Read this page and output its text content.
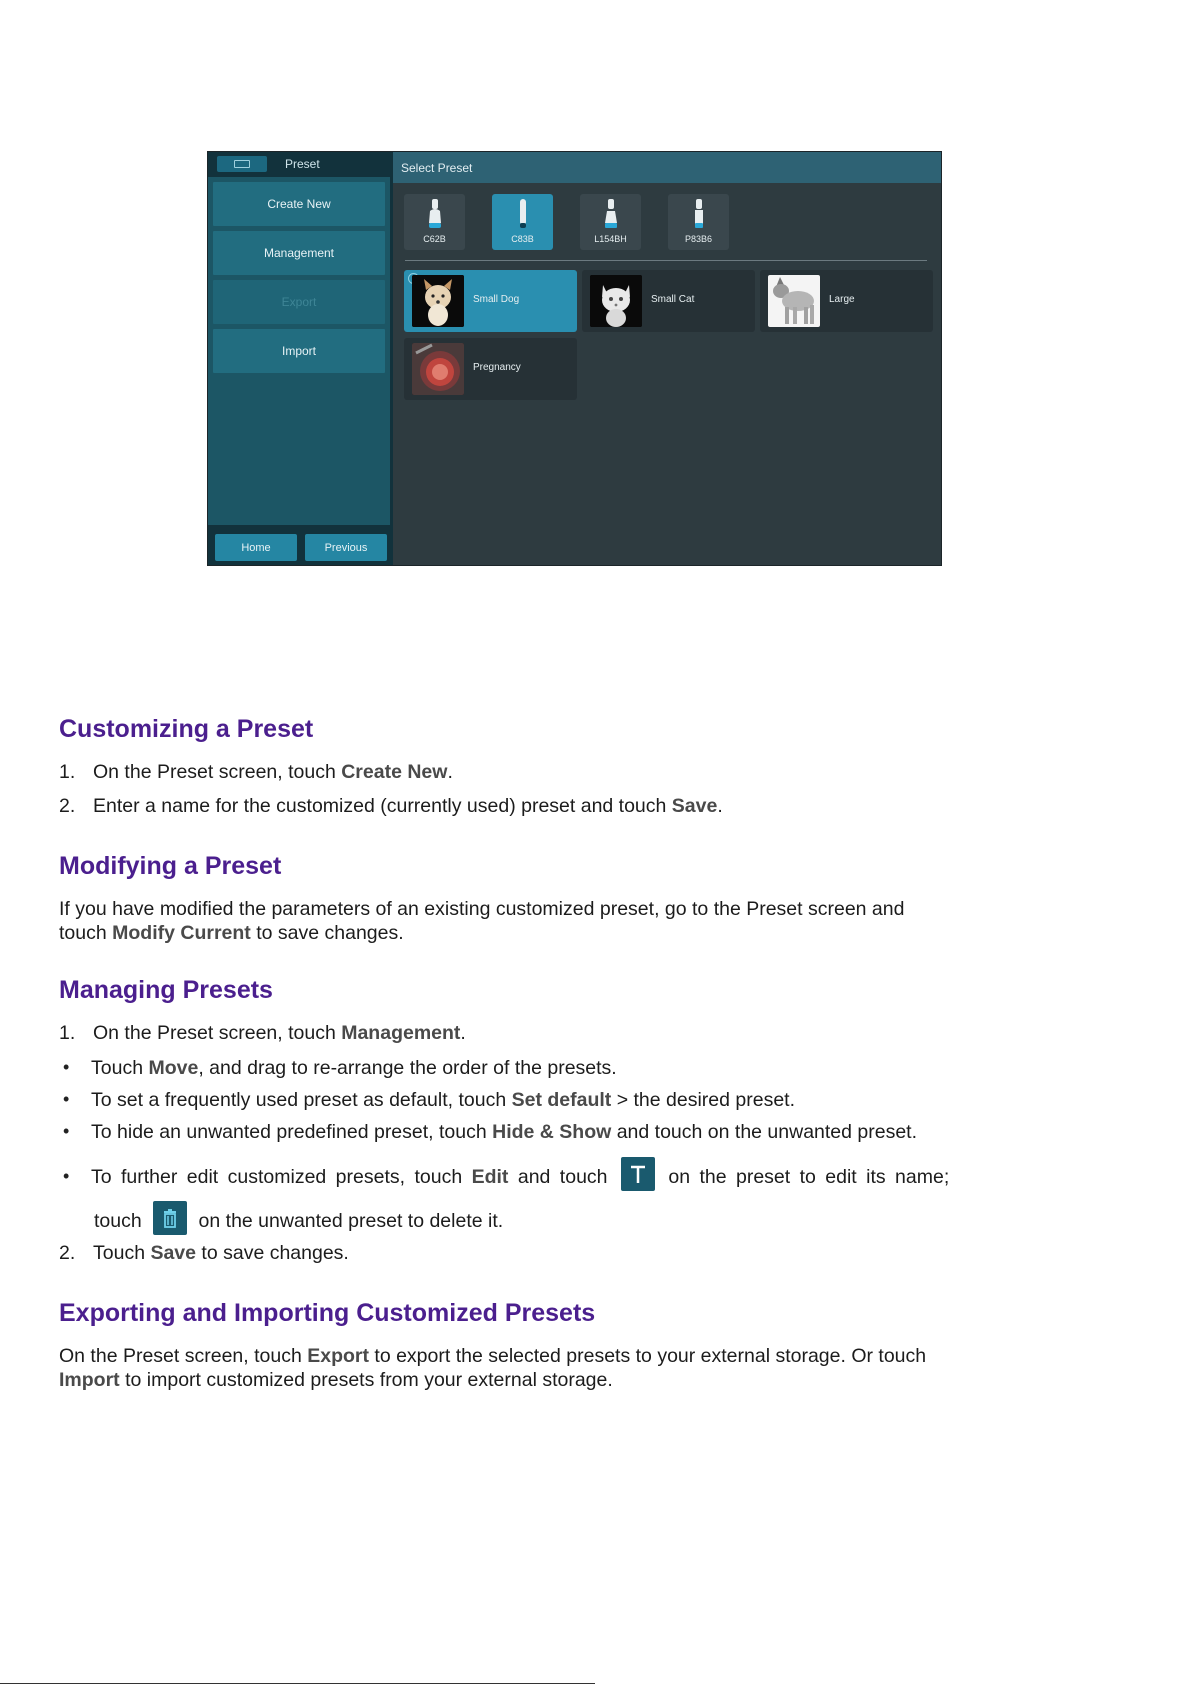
Preset
Create New
Management
Export
Import
Home	Previous
Select Preset
C62B	C83B	L154BH	P83B6
Small Dog	Small Cat	Large
Pregnancy
Customizing a Preset

1. On the Preset screen, touch Create New.

2. Enter a name for the customized (currently used) preset and touch Save.

Modifying a Preset

If you have modified the parameters of an existing customized preset, go to the Preset screen and

touch Modify Current to save changes.

Managing Presets

1. On the Preset screen, touch Management.

• Touch Move, and drag to re-arrange the order of the presets.

• To set a frequently used preset as default, touch Set default > the desired preset.

• To hide an unwanted predefined preset, touch Hide & Show and touch on the unwanted preset.

• To further edit customized presets, touch Edit and touch  on the preset to edit its name;

touch  on the unwanted preset to delete it.

2. Touch Save to save changes.

Exporting and Importing Customized Presets

On the Preset screen, touch Export to export the selected presets to your external storage. Or touch

Import to import customized presets from your external storage.
